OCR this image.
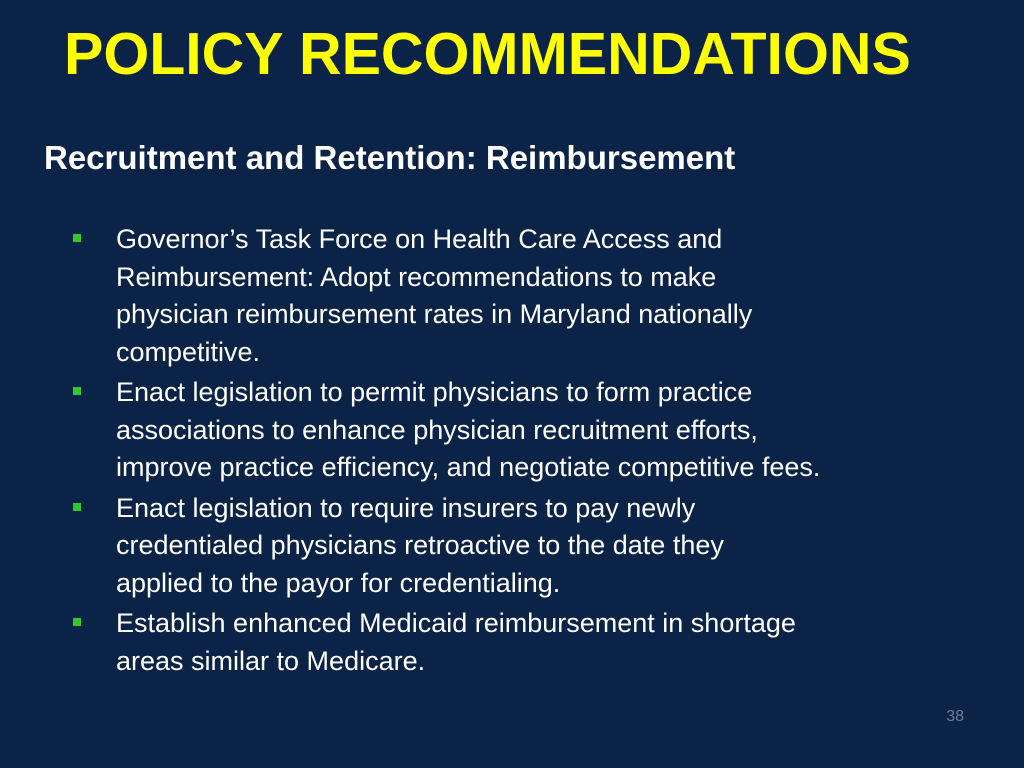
POLICY RECOMMENDATIONS
Recruitment and Retention: Reimbursement
Governor’s Task Force on Health Care Access and
Reimbursement: Adopt recommendations to make
physician reimbursement rates in Maryland nationally
competitive.
Enact legislation to permit physicians to form practice
associations to enhance physician recruitment efforts,
improve practice efficiency, and negotiate competitive fees.
Enact legislation to require insurers to pay newly
credentialed physicians retroactive to the date they
applied to the payor for credentialing.
Establish enhanced Medicaid reimbursement in shortage
areas similar to Medicare.
38
